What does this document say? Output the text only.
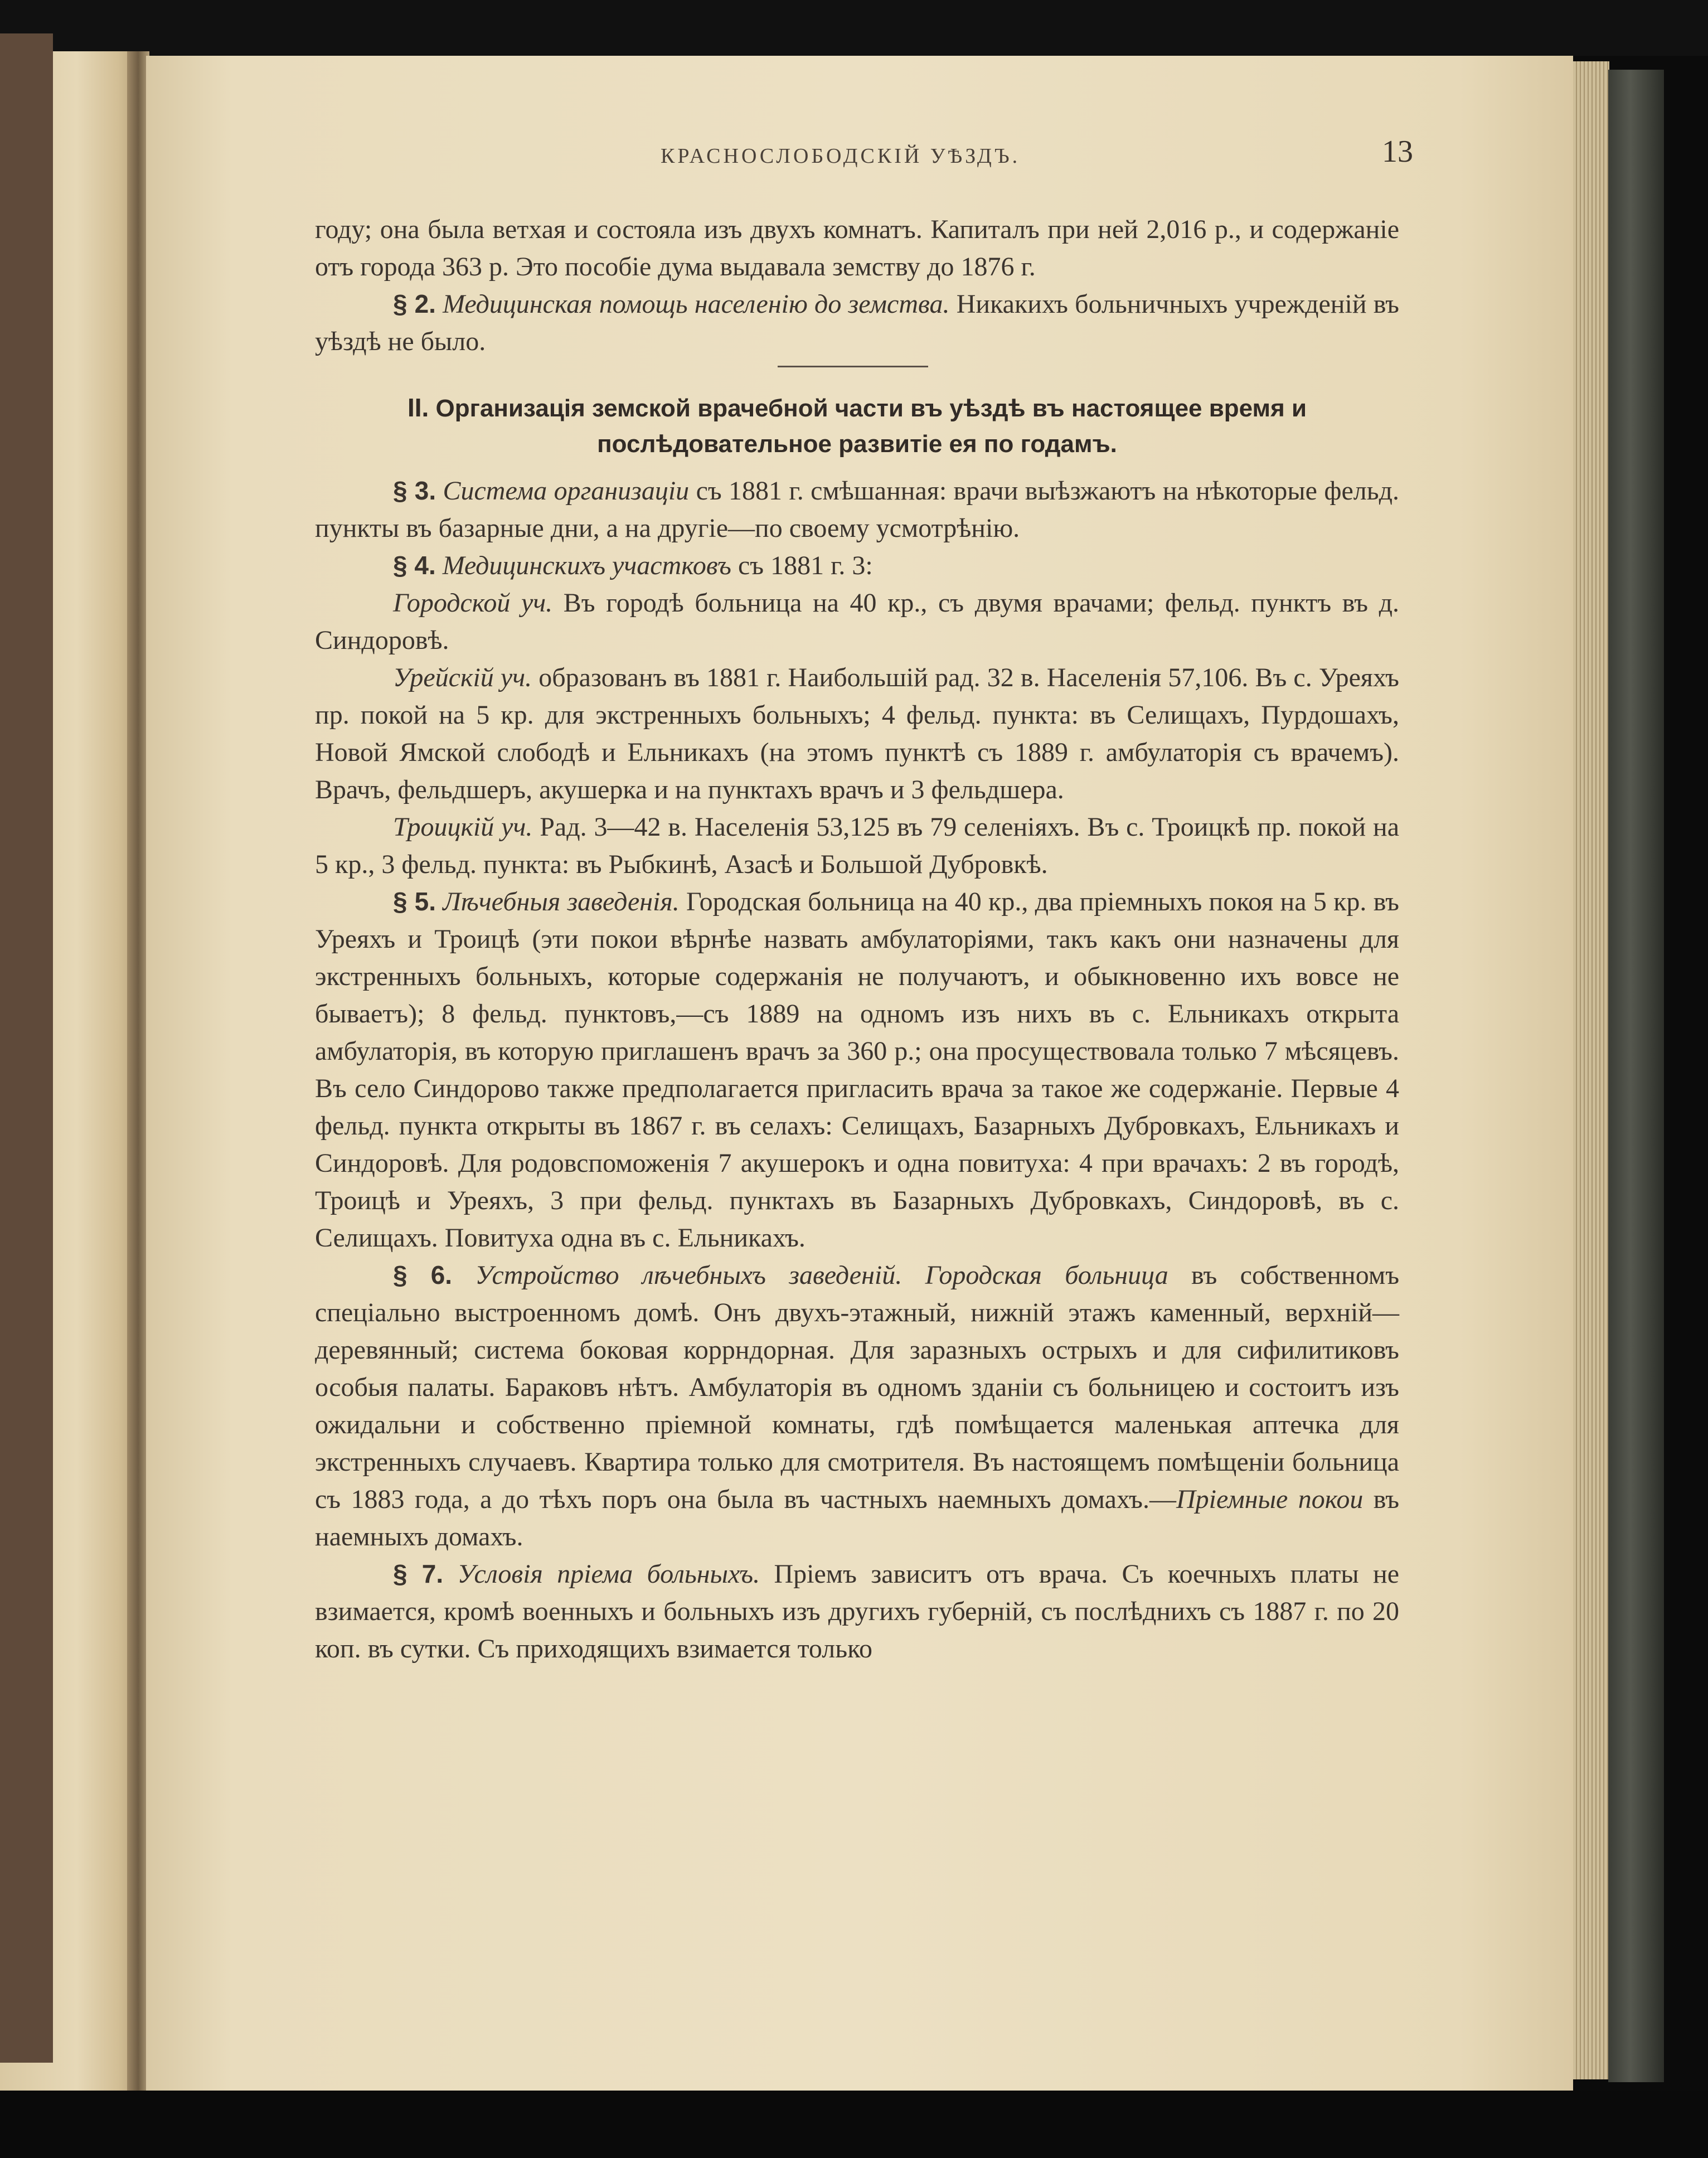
КРАСНОСЛОБОДСКІЙ УѢЗДЪ.	13

году; она была ветхая и состояла изъ двухъ комнатъ. Капиталъ при ней 2,016 р., и содержаніе отъ города 363 р. Это пособіе дума выдавала земству до 1876 г.

§ 2. Медицинская помощь населенію до земства. Никакихъ больничныхъ учрежденій въ уѣздѣ не было.

II. Организація земской врачебной части въ уѣздѣ въ настоящее время и послѣдовательное развитіе ея по годамъ.

§ 3. Система организаціи съ 1881 г. смѣшанная: врачи выѣзжаютъ на нѣкоторые фельд. пункты въ базарные дни, а на другіе—по своему усмотрѣнію.

§ 4. Медицинскихъ участковъ съ 1881 г. 3:

Городской уч. Въ городѣ больница на 40 кр., съ двумя врачами; фельд. пунктъ въ д. Синдоровѣ.

Урейскій уч. образованъ въ 1881 г. Наибольшій рад. 32 в. Населенія 57,106. Въ с. Уреяхъ пр. покой на 5 кр. для экстренныхъ больныхъ; 4 фельд. пункта: въ Селищахъ, Пурдошахъ, Новой Ямской слободѣ и Ельникахъ (на этомъ пунктѣ съ 1889 г. амбулаторія съ врачемъ). Врачъ, фельдшеръ, акушерка и на пунктахъ врачъ и 3 фельдшера.

Троицкій уч. Рад. 3—42 в. Населенія 53,125 въ 79 селеніяхъ. Въ с. Троицкѣ пр. покой на 5 кр., 3 фельд. пункта: въ Рыбкинѣ, Азасѣ и Большой Дубровкѣ.

§ 5. Лѣчебныя заведенія. Городская больница на 40 кр., два пріемныхъ покоя на 5 кр. въ Уреяхъ и Троицѣ (эти покои вѣрнѣе назвать амбулаторіями, такъ какъ они назначены для экстренныхъ больныхъ, которые содержанія не получаютъ, и обыкновенно ихъ вовсе не бываетъ); 8 фельд. пунктовъ,—съ 1889 на одномъ изъ нихъ въ с. Ельникахъ открыта амбулаторія, въ которую приглашенъ врачъ за 360 р.; она просуществовала только 7 мѣсяцевъ. Въ село Синдорово также предполагается пригласить врача за такое же содержаніе. Первые 4 фельд. пункта открыты въ 1867 г. въ селахъ: Селищахъ, Базарныхъ Дубровкахъ, Ельникахъ и Синдоровѣ. Для родовспоможенія 7 акушерокъ и одна повитуха: 4 при врачахъ: 2 въ городѣ, Троицѣ и Уреяхъ, 3 при фельд. пунктахъ въ Базарныхъ Дубровкахъ, Синдоровѣ, въ с. Селищахъ. Повитуха одна въ с. Ельникахъ.

§ 6. Устройство лѣчебныхъ заведеній. Городская больница въ собственномъ спеціально выстроенномъ домѣ. Онъ двухъ-этажный, нижній этажъ каменный, верхній—деревянный; система боковая коррндорная. Для заразныхъ острыхъ и для сифилитиковъ особыя палаты. Бараковъ нѣтъ. Амбулаторія въ одномъ зданіи съ больницею и состоитъ изъ ожидальни и собственно пріемной комнаты, гдѣ помѣщается маленькая аптечка для экстренныхъ случаевъ. Квартира только для смотрителя. Въ настоящемъ помѣщеніи больница съ 1883 года, а до тѣхъ поръ она была въ частныхъ наемныхъ домахъ.—Пріемные покои въ наемныхъ домахъ.

§ 7. Условія пріема больныхъ. Пріемъ зависитъ отъ врача. Съ коечныхъ платы не взимается, кромѣ военныхъ и больныхъ изъ другихъ губерній, съ послѣднихъ съ 1887 г. по 20 коп. въ сутки. Съ приходящихъ взимается только
